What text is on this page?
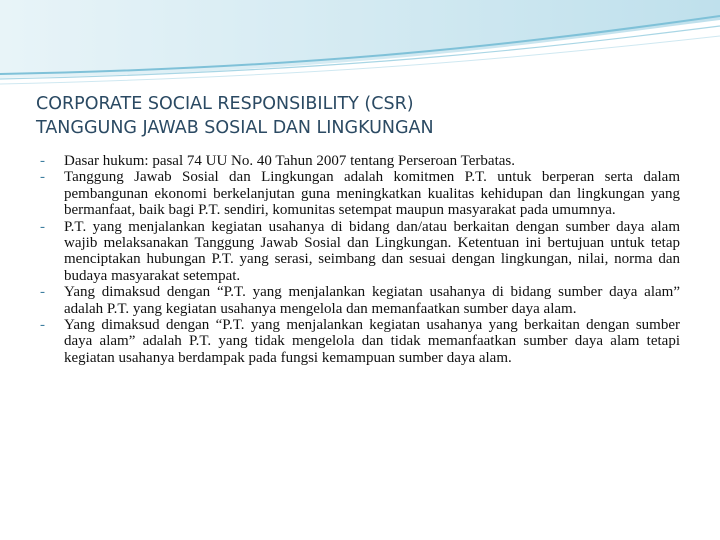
CORPORATE SOCIAL RESPONSIBILITY (CSR)
TANGGUNG JAWAB SOSIAL DAN LINGKUNGAN
-	Dasar hukum: pasal 74 UU No. 40 Tahun 2007 tentang Perseroan Terbatas.
-	Tanggung Jawab Sosial dan Lingkungan adalah komitmen P.T. untuk berperan serta dalam pembangunan ekonomi berkelanjutan guna meningkatkan kualitas kehidupan dan lingkungan yang bermanfaat, baik bagi P.T. sendiri, komunitas setempat maupun masyarakat pada umumnya.
-	P.T. yang menjalankan kegiatan usahanya di bidang dan/atau berkaitan dengan sumber daya alam wajib melaksanakan Tanggung Jawab Sosial dan Lingkungan. Ketentuan ini bertujuan untuk tetap menciptakan hubungan P.T. yang serasi, seimbang dan sesuai dengan lingkungan, nilai, norma dan budaya masyarakat setempat.
-	Yang dimaksud dengan “P.T. yang menjalankan kegiatan usahanya di bidang sumber daya alam” adalah P.T. yang kegiatan usahanya mengelola dan memanfaatkan sumber daya alam.
-	Yang dimaksud dengan “P.T. yang menjalankan kegiatan usahanya yang berkaitan dengan sumber daya alam” adalah P.T. yang tidak mengelola dan tidak memanfaatkan sumber daya alam tetapi kegiatan usahanya berdampak pada fungsi kemampuan sumber daya alam.
